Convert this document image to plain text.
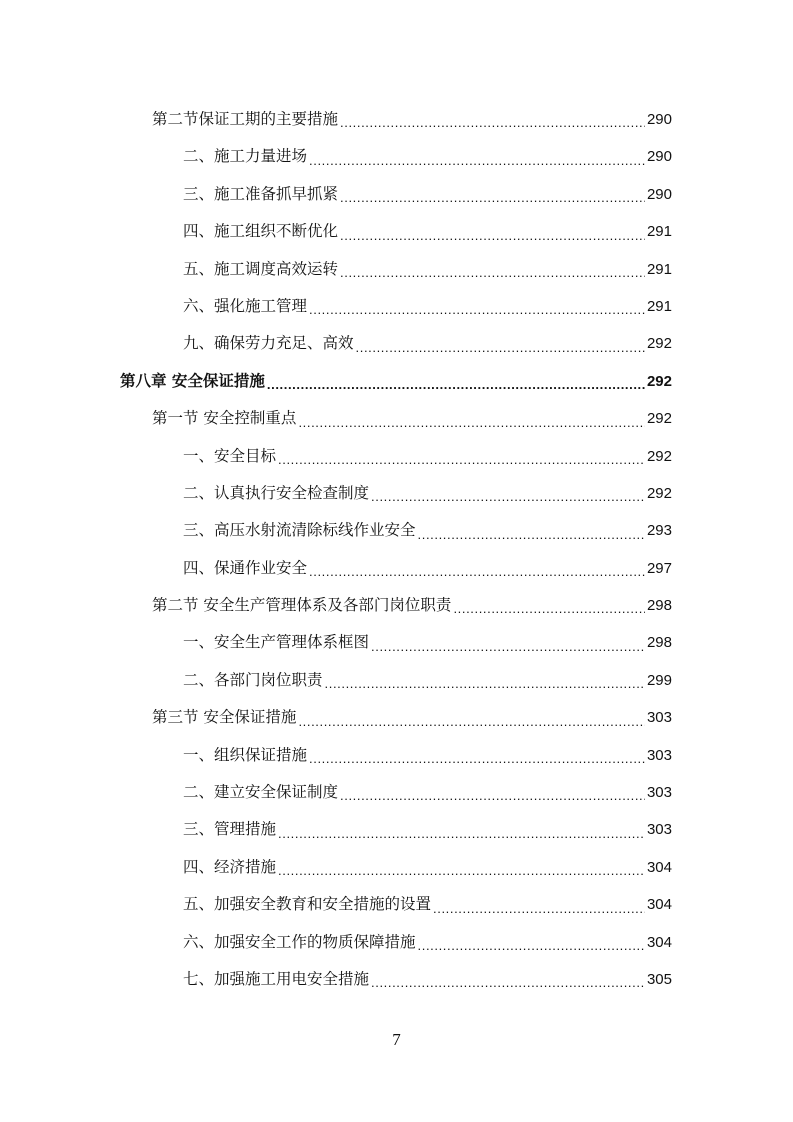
第二节保证工期的主要措施 .....	290
二、施工力量进场 .....	290
三、施工准备抓早抓紧 .....	290
四、施工组织不断优化 .....	291
五、施工调度高效运转 .....	291
六、强化施工管理 .....	291
九、确保劳力充足、高效 .....	292
第八章 安全保证措施 .....	292
第一节 安全控制重点 .....	292
一、安全目标 .....	292
二、认真执行安全检查制度 .....	292
三、高压水射流清除标线作业安全 .....	293
四、保通作业安全 .....	297
第二节 安全生产管理体系及各部门岗位职责 .....	298
一、安全生产管理体系框图 .....	298
二、各部门岗位职责 .....	299
第三节 安全保证措施 .....	303
一、组织保证措施 .....	303
二、建立安全保证制度 .....	303
三、管理措施 .....	303
四、经济措施 .....	304
五、加强安全教育和安全措施的设置 .....	304
六、加强安全工作的物质保障措施 .....	304
七、加强施工用电安全措施 .....	305
7
